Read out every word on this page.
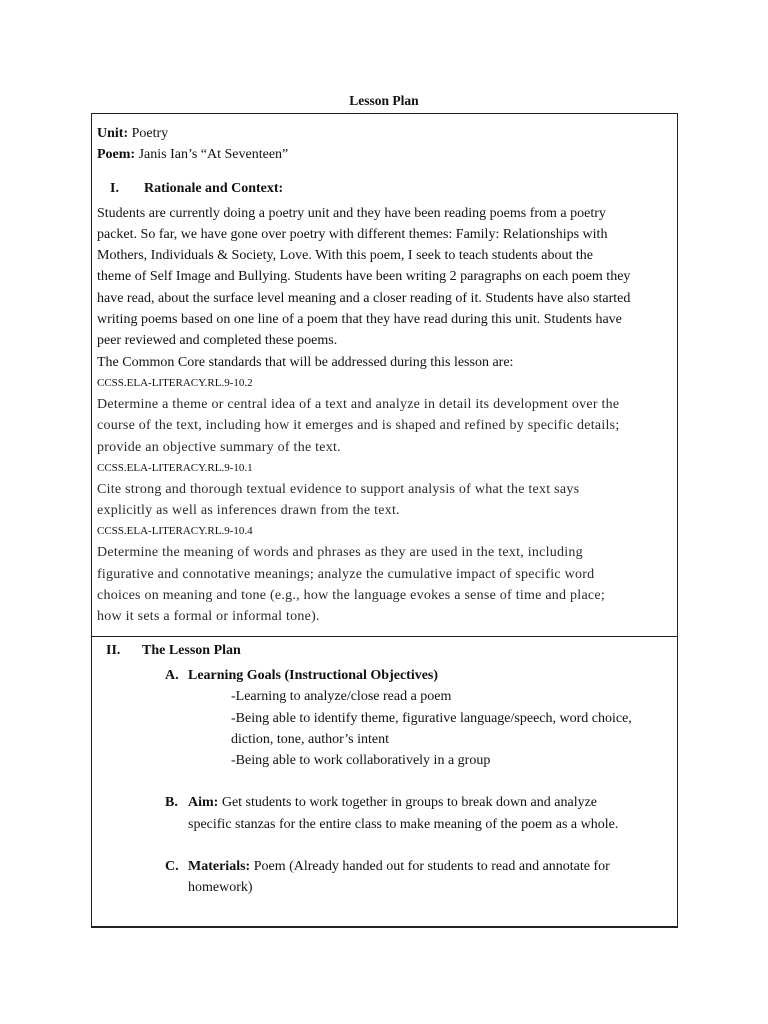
Lesson Plan
Unit: Poetry
Poem: Janis Ian’s “At Seventeen”
I. Rationale and Context:
Students are currently doing a poetry unit and they have been reading poems from a poetry
packet. So far, we have gone over poetry with different themes: Family: Relationships with
Mothers, Individuals & Society, Love. With this poem, I seek to teach students about the
theme of Self Image and Bullying. Students have been writing 2 paragraphs on each poem they
have read, about the surface level meaning and a closer reading of it. Students have also started
writing poems based on one line of a poem that they have read during this unit. Students have
peer reviewed and completed these poems.
The Common Core standards that will be addressed during this lesson are:
CCSS.ELA-LITERACY.RL.9-10.2
Determine a theme or central idea of a text and analyze in detail its development over the
course of the text, including how it emerges and is shaped and refined by specific details;
provide an objective summary of the text.
CCSS.ELA-LITERACY.RL.9-10.1
Cite strong and thorough textual evidence to support analysis of what the text says
explicitly as well as inferences drawn from the text.
CCSS.ELA-LITERACY.RL.9-10.4
Determine the meaning of words and phrases as they are used in the text, including
figurative and connotative meanings; analyze the cumulative impact of specific word
choices on meaning and tone (e.g., how the language evokes a sense of time and place;
how it sets a formal or informal tone).
II. The Lesson Plan
A. Learning Goals (Instructional Objectives)
-Learning to analyze/close read a poem
-Being able to identify theme, figurative language/speech, word choice,
diction, tone, author’s intent
-Being able to work collaboratively in a group
B. Aim: Get students to work together in groups to break down and analyze
specific stanzas for the entire class to make meaning of the poem as a whole.
C. Materials: Poem (Already handed out for students to read and annotate for
homework)
